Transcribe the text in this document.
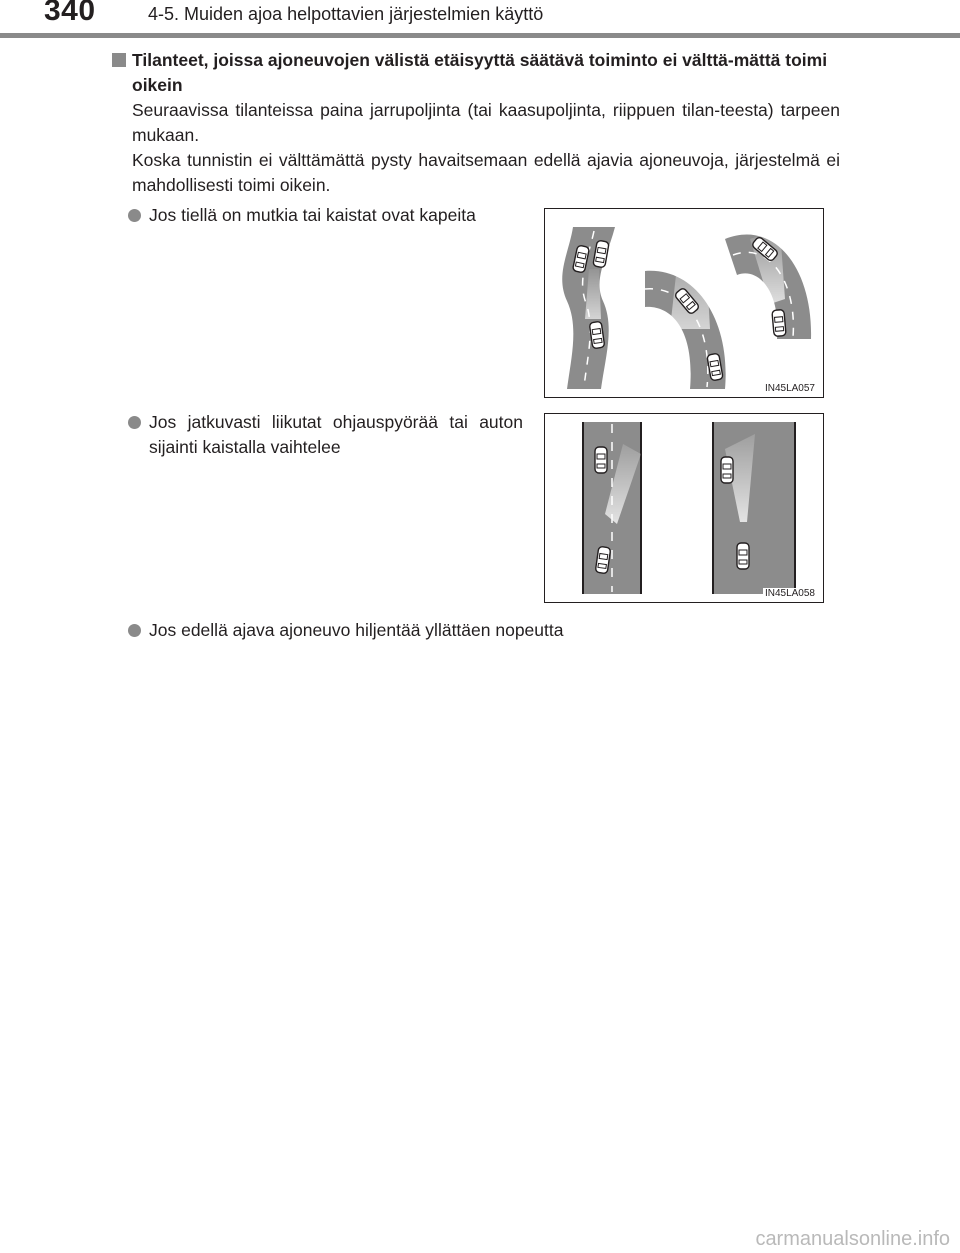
340	4-5. Muiden ajoa helpottavien järjestelmien käyttö
Tilanteet, joissa ajoneuvojen välistä etäisyyttä säätävä toiminto ei välttä-mättä toimi oikein
Seuraavissa tilanteissa paina jarrupoljinta (tai kaasupoljinta, riippuen tilan-teesta) tarpeen mukaan.
Koska tunnistin ei välttämättä pysty havaitsemaan edellä ajavia ajoneuvoja, järjestelmä ei mahdollisesti toimi oikein.
Jos tiellä on mutkia tai kaistat ovat kapeita
Jos jatkuvasti liikutat ohjauspyörää tai auton sijainti kaistalla vaihtelee
Jos edellä ajava ajoneuvo hiljentää yllättäen nopeutta
IN45LA057
IN45LA058
carmanualsonline.info
